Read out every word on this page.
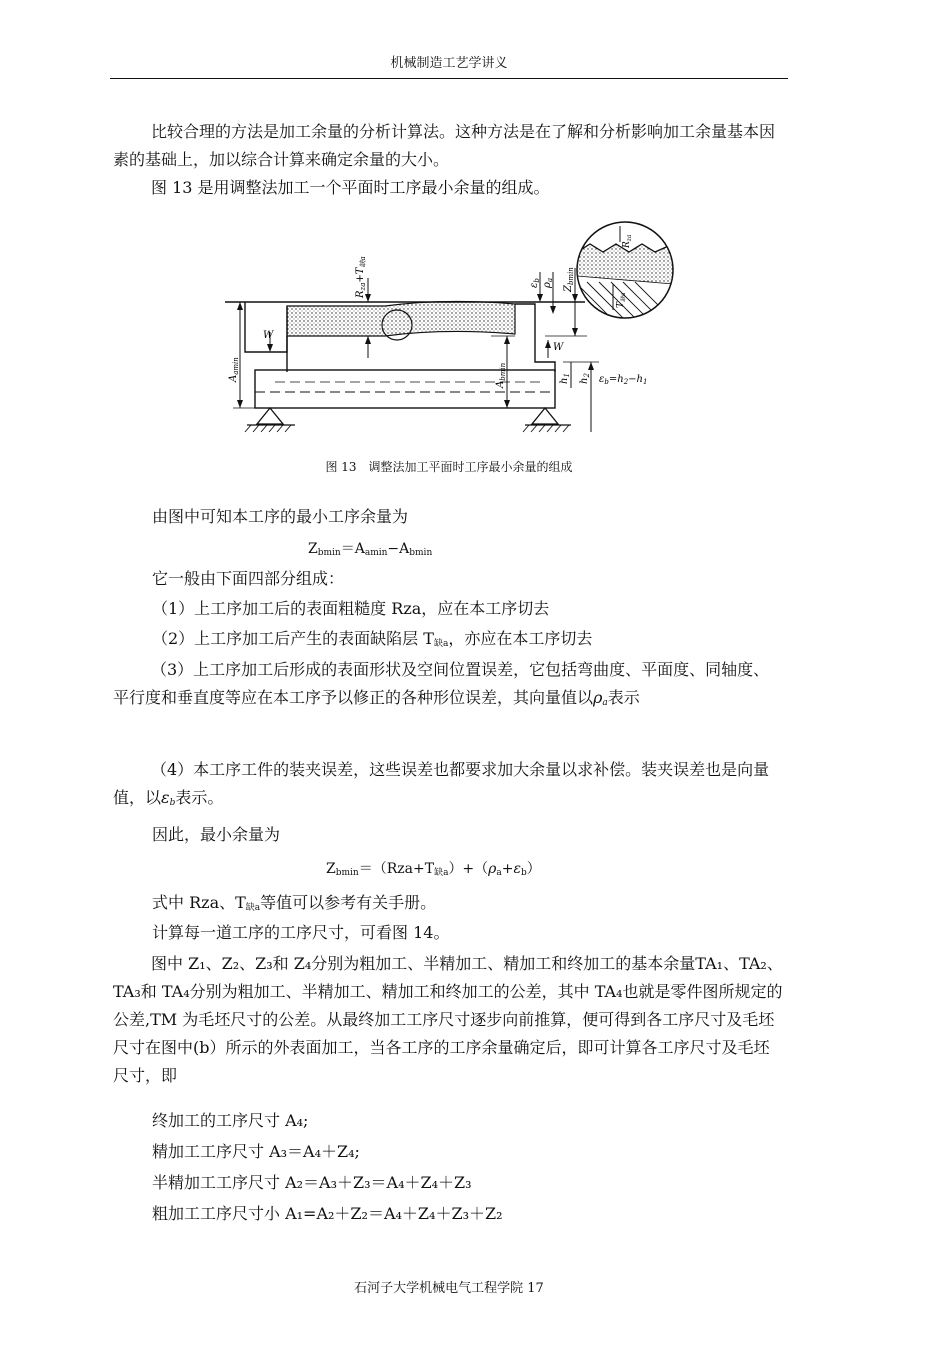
机械制造工艺学讲义

比较合理的方法是加工余量的分析计算法。这种方法是在了解和分析影响加工余量基本因素的基础上，加以综合计算来确定余量的大小。

图 13 是用调整法加工一个平面时工序最小余量的组成。

W
W
$R_{za}+T_{缺a}$
$A_{amin}$
$A_{bmin}$
$\varepsilon_b$
$\rho_a$
$Z_{bmin}$
$h_1$
$h_2$ $\varepsilon_b=h_2-h_1$
$R_{za}$
$T_{缺a}$
图 13　调整法加工平面时工序最小余量的组成
由图中可知本工序的最小工序余量为
$Z_{bmin}=A_{amin}-A_{bmin}$
它一般由下面四部分组成：
（1）上工序加工后的表面粗糙度 Rza，应在本工序切去
（2）上工序加工后产生的表面缺陷层 $T_{缺a}$，亦应在本工序切去

（3）上工序加工后形成的表面形状及空间位置误差，它包括弯曲度、平面度、同轴度、平行度和垂直度等应在本工序予以修正的各种形位误差，其向量值以$\rho_a$表示

（4）本工序工件的装夹误差，这些误差也都要求加大余量以求补偿。装夹误差也是向量值，以$\varepsilon_b$表示。

因此，最小余量为
$Z_{bmin}=(Rza+T_{缺a})+(\rho_a+\varepsilon_b)$
式中 Rza、$T_{缺a}$等值可以参考有关手册。
计算每一道工序的工序尺寸，可看图 14。

图中 Z₁、Z₂、Z₃和 Z₄分别为粗加工、半精加工、精加工和终加工的基本余量TA₁、TA₂、TA₃和 TA₄分别为粗加工、半精加工、精加工和终加工的公差，其中 TA₄也就是零件图所规定的公差,TM 为毛坯尺寸的公差。从最终加工工序尺寸逐步向前推算，便可得到各工序尺寸及毛坯尺寸在图中(b）所示的外表面加工，当各工序的工序余量确定后，即可计算各工序尺寸及毛坯尺寸，即

终加工的工序尺寸 A₄;
精加工工序尺寸 A₃＝A₄＋Z₄;
半精加工工序尺寸 A₂＝A₃＋Z₃＝A₄＋Z₄＋Z₃
粗加工工序尺寸小 A₁=A₂＋Z₂＝A₄＋Z₄＋Z₃＋Z₂
石河子大学机械电气工程学院 17
